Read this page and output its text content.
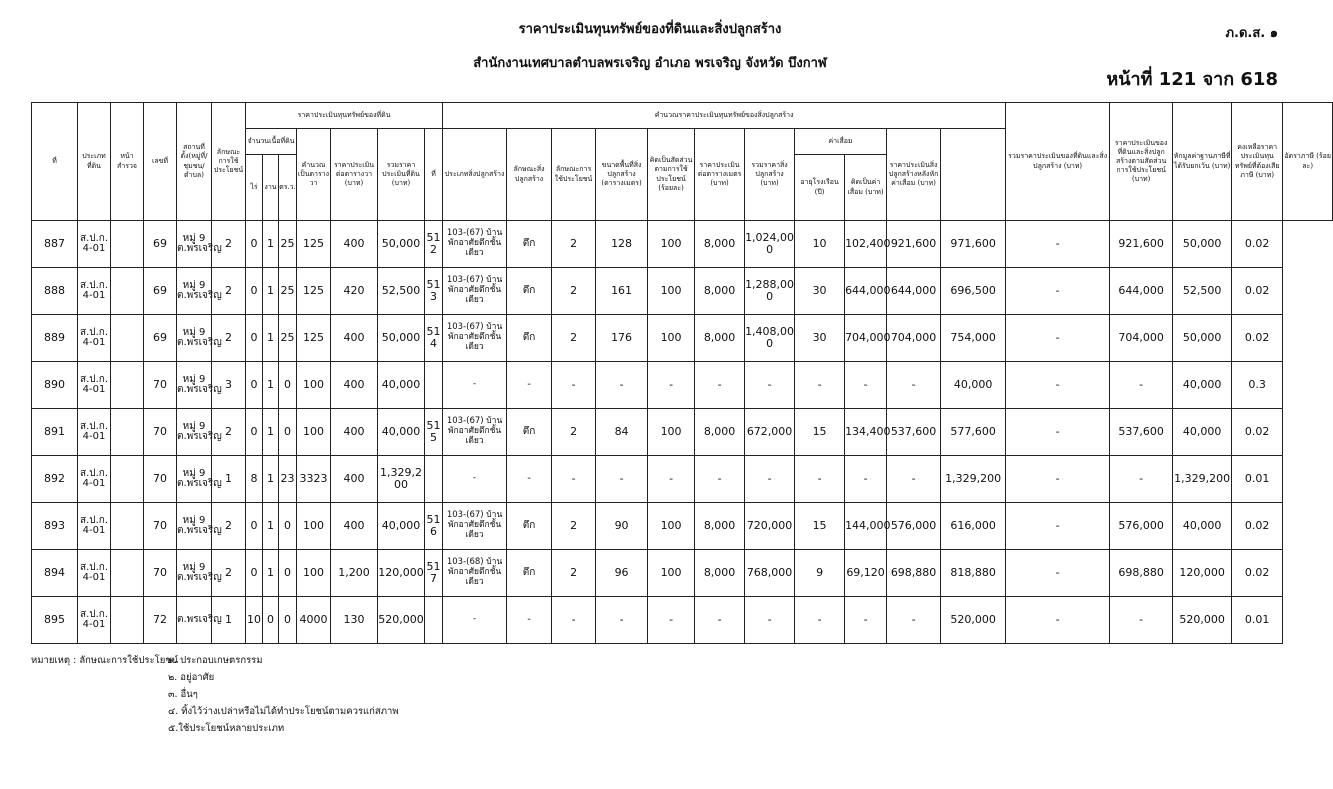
ราคาประเมินทุนทรัพย์ของที่ดินและสิ่งปลูกสร้าง
สำนักงานเทศบาลตำบลพรเจริญ อำเภอ พรเจริญ จังหวัด บึงกาฬ
ภ.ด.ส. ๑
หน้าที่ 121 จาก 618
ที่	ประเภทที่ดิน	หน้าสำรวจ	เลขที่	สถานที่ตั้ง(หมู่ที่/ชุมชน/ตำบล)	ลักษณะการใช้ประโยชน์	ราคาประเมินทุนทรัพย์ของที่ดิน							คำนวณราคาประเมินทุนทรัพย์ของสิ่งปลูกสร้าง											รวมราคาประเมินของที่ดินและสิ่งปลูกสร้าง (บาท)	ราคาประเมินของที่ดินและสิ่งปลูกสร้างตามสัดส่วนการใช้ประโยชน์ (บาท)	หักมูลค่าฐานภาษีที่ได้รับยกเว้น (บาท)	คงเหลือราคาประเมินทุนทรัพย์ที่ต้องเสียภาษี (บาท)	อัตราภาษี (ร้อยละ)
						จำนวนเนื้อที่ดิน			คำนวณเป็นตารางวา	ราคาประเมินต่อตารางวา (บาท)	รวมราคาประเมินที่ดิน (บาท)	ที่	ประเภทสิ่งปลูกสร้าง	ลักษณะสิ่งปลูกสร้าง	ลักษณะการใช้ประโยชน์	ขนาดพื้นที่สิ่งปลูกสร้าง (ตารางเมตร)	คิดเป็นสัดส่วนตามการใช้ประโยชน์ (ร้อยละ)	ราคาประเมินต่อตารางเมตร (บาท)	รวมราคาสิ่งปลูกสร้าง (บาท)	ค่าเสื่อม		ราคาประเมินสิ่งปลูกสร้างหลังหักค่าเสื่อม (บาท)						
						ไร่	งาน	ตร.ว.												อายุโรงเรือน (ปี)	คิดเป็นค่าเสื่อม (บาท)							
887	ส.ป.ก. 4-01		69	หมู่ 9 ต.พรเจริญ	2	0	1	25	125	400	50,000	512	103-(67) บ้านพักอาศัยตึกชั้นเดียว	ตึก	2	128	100	8,000	1,024,000	10	102,400	921,600	971,600	-	921,600	50,000	0.02	
888	ส.ป.ก. 4-01		69	หมู่ 9 ต.พรเจริญ	2	0	1	25	125	420	52,500	513	103-(67) บ้านพักอาศัยตึกชั้นเดียว	ตึก	2	161	100	8,000	1,288,000	30	644,000	644,000	696,500	-	644,000	52,500	0.02	
889	ส.ป.ก. 4-01		69	หมู่ 9 ต.พรเจริญ	2	0	1	25	125	400	50,000	514	103-(67) บ้านพักอาศัยตึกชั้นเดียว	ตึก	2	176	100	8,000	1,408,000	30	704,000	704,000	754,000	-	704,000	50,000	0.02	
890	ส.ป.ก. 4-01		70	หมู่ 9 ต.พรเจริญ	3	0	1	0	100	400	40,000		-	-	-	-	-	-	-	-	-	-	40,000	-	-	40,000	0.3	
891	ส.ป.ก. 4-01		70	หมู่ 9 ต.พรเจริญ	2	0	1	0	100	400	40,000	515	103-(67) บ้านพักอาศัยตึกชั้นเดียว	ตึก	2	84	100	8,000	672,000	15	134,400	537,600	577,600	-	537,600	40,000	0.02	
892	ส.ป.ก. 4-01		70	หมู่ 9 ต.พรเจริญ	1	8	1	23	3323	400	1,329,200		-	-	-	-	-	-	-	-	-	-	1,329,200	-	-	1,329,200	0.01	
893	ส.ป.ก. 4-01		70	หมู่ 9 ต.พรเจริญ	2	0	1	0	100	400	40,000	516	103-(67) บ้านพักอาศัยตึกชั้นเดียว	ตึก	2	90	100	8,000	720,000	15	144,000	576,000	616,000	-	576,000	40,000	0.02	
894	ส.ป.ก. 4-01		70	หมู่ 9 ต.พรเจริญ	2	0	1	0	100	1,200	120,000	517	103-(68) บ้านพักอาศัยตึกชั้นเดียว	ตึก	2	96	100	8,000	768,000	9	69,120	698,880	818,880	-	698,880	120,000	0.02	
895	ส.ป.ก. 4-01		72	ต.พรเจริญ	1	10	0	0	4000	130	520,000		-	-	-	-	-	-	-	-	-	-	520,000	-	-	520,000	0.01	
หมายเหตุ : ลักษณะการใช้ประโยชน์๑. ประกอบเกษตรกรรม
๒. อยู่อาศัย
๓. อื่นๆ
๔. ทิ้งไว้ว่างเปล่าหรือไม่ได้ทำประโยชน์ตามควรแก่สภาพ
๕.ใช้ประโยชน์หลายประเภท
